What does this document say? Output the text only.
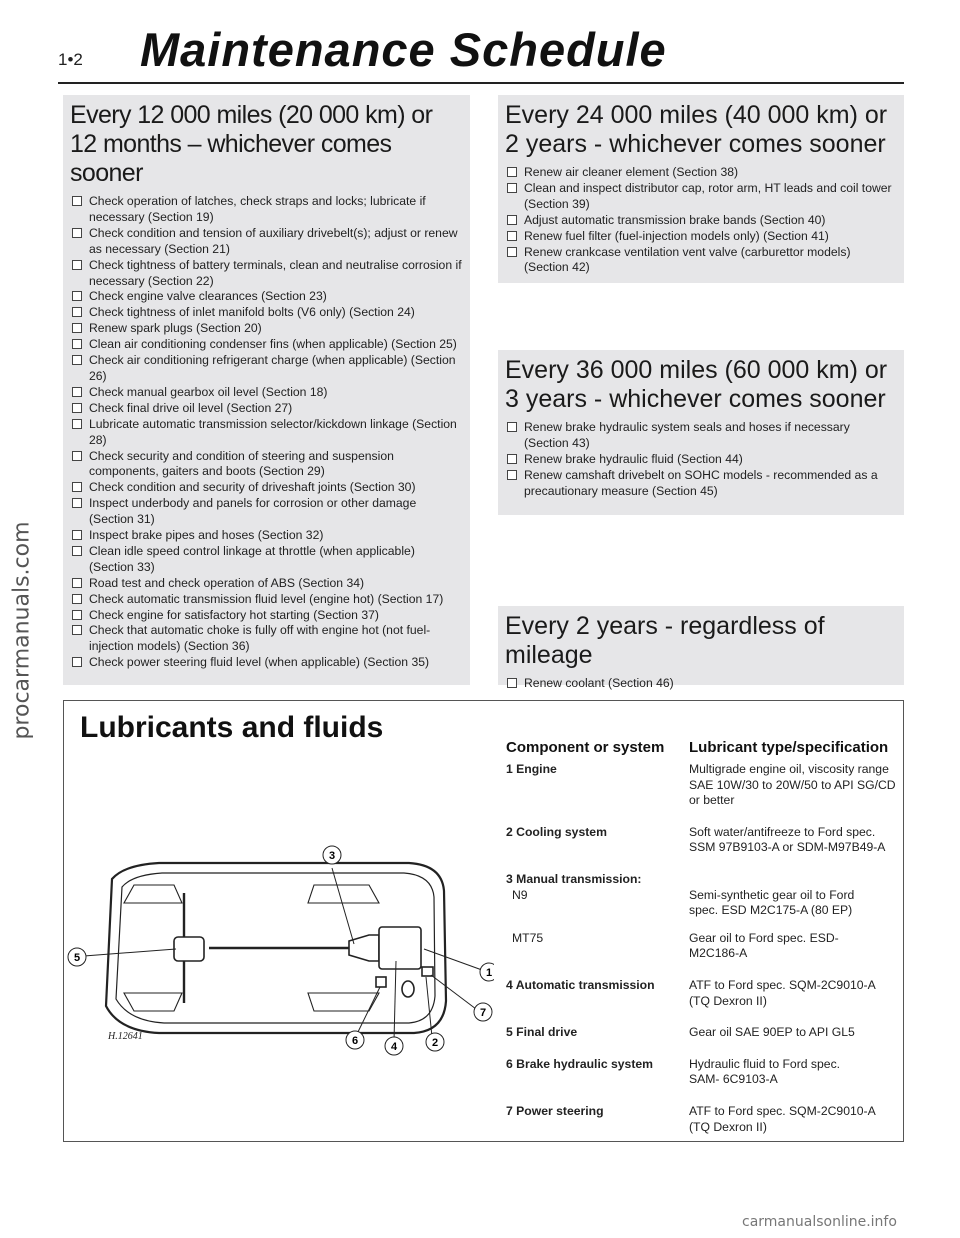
procarmanuals.com
1•2 Maintenance Schedule
Every 12 000 miles (20 000 km) or
12 months – whichever comes sooner
Check operation of latches, check straps and locks; lubricate if necessary (Section 19)
Check condition and tension of auxiliary drivebelt(s); adjust or renew as necessary (Section 21)
Check tightness of battery terminals, clean and neutralise corrosion if necessary (Section 22)
Check engine valve clearances (Section 23)
Check tightness of inlet manifold bolts (V6 only) (Section 24)
Renew spark plugs (Section 20)
Clean air conditioning condenser fins (when applicable) (Section 25)
Check air conditioning refrigerant charge (when applicable) (Section 26)
Check manual gearbox oil level (Section 18)
Check final drive oil level (Section 27)
Lubricate automatic transmission selector/kickdown linkage (Section 28)
Check security and condition of steering and suspension components, gaiters and boots (Section 29)
Check condition and security of driveshaft joints (Section 30)
Inspect underbody and panels for corrosion or other damage (Section 31)
Inspect brake pipes and hoses (Section 32)
Clean idle speed control linkage at throttle (when applicable) (Section 33)
Road test and check operation of ABS (Section 34)
Check automatic transmission fluid level (engine hot) (Section 17)
Check engine for satisfactory hot starting (Section 37)
Check that automatic choke is fully off with engine hot (not fuel-injection models) (Section 36)
Check power steering fluid level (when applicable) (Section 35)
Every 24 000 miles (40 000 km) or
2 years - whichever comes sooner
Renew air cleaner element (Section 38)
Clean and inspect distributor cap, rotor arm, HT leads and coil tower (Section 39)
Adjust automatic transmission brake bands (Section 40)
Renew fuel filter (fuel-injection models only) (Section 41)
Renew crankcase ventilation vent valve (carburettor models) (Section 42)
Every 36 000 miles (60 000 km) or
3 years - whichever comes sooner
Renew brake hydraulic system seals and hoses if necessary (Section 43)
Renew brake hydraulic fluid (Section 44)
Renew camshaft drivebelt on SOHC models - recommended as a precautionary measure (Section 45)
Every 2 years - regardless of mileage
Renew coolant (Section 46)
Lubricants and fluids
3
5
1
7
6	4	2
H.12641
Component or system	Lubricant type/specification
1 Engine	Multigrade engine oil, viscosity range
SAE 10W/30 to 20W/50 to API SG/CD
or better
2 Cooling system	Soft water/antifreeze to Ford spec.
SSM 97B9103-A or SDM-M97B49-A
3 Manual transmission:
N9	Semi-synthetic gear oil to Ford
spec. ESD M2C175-A (80 EP)
MT75	Gear oil to Ford spec. ESD-
M2C186-A
4 Automatic transmission	ATF to Ford spec. SQM-2C9010-A
(TQ Dexron II)
5 Final drive	Gear oil SAE 90EP to API GL5
6 Brake hydraulic system	Hydraulic fluid to Ford spec.
SAM- 6C9103-A
7 Power steering	ATF to Ford spec. SQM-2C9010-A
(TQ Dexron II)
carmanualsonline.info
